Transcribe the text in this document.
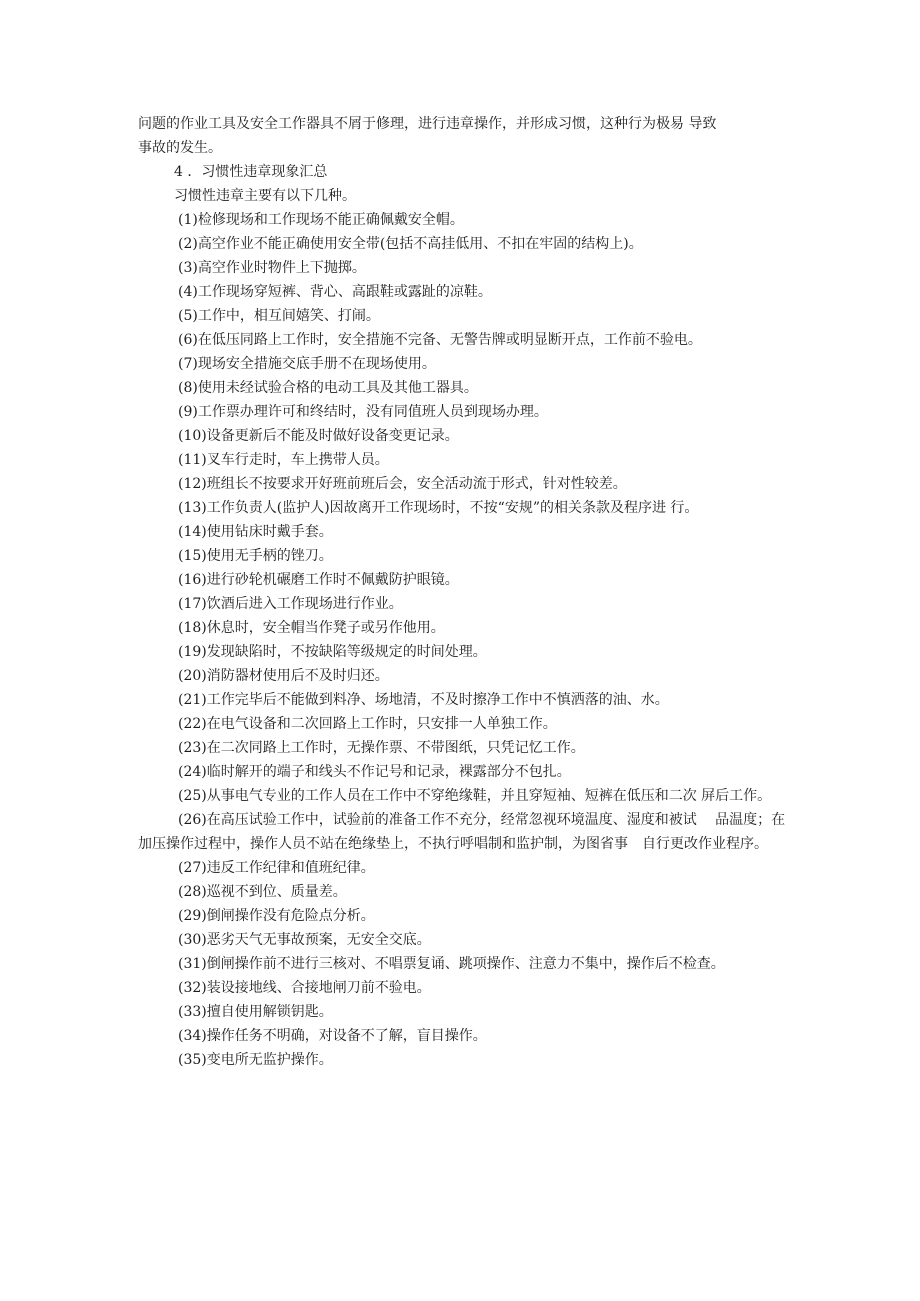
问题的作业工具及安全工作器具不屑于修理，进行违章操作，并形成习惯，这种行为极易 导致

事故的发生。

4 ．习惯性违章现象汇总

习惯性违章主要有以下几种。

(1)检修现场和工作现场不能正确佩戴安全帽。

(2)高空作业不能正确使用安全带(包括不高挂低用、不扣在牢固的结构上)。

(3)高空作业时物件上下抛掷。

(4)工作现场穿短裤、背心、高跟鞋或露趾的凉鞋。

(5)工作中，相互间嬉笑、打闹。

(6)在低压同路上工作时，安全措施不完备、无警告牌或明显断开点，工作前不验电。

(7)现场安全措施交底手册不在现场使用。

(8)使用未经试验合格的电动工具及其他工器具。

(9)工作票办理许可和终结时，没有同值班人员到现场办理。

(10)设备更新后不能及时做好设备变更记录。

(11)叉车行走时，车上携带人员。

(12)班组长不按要求开好班前班后会，安全活动流于形式，针对性较差。

(13)工作负责人(监护人)因故离开工作现场时，不按“安规”的相关条款及程序进 行。

(14)使用钻床时戴手套。

(15)使用无手柄的锉刀。

(16)进行砂轮机碾磨工作时不佩戴防护眼镜。

(17)饮酒后进入工作现场进行作业。

(18)休息时，安全帽当作凳子或另作他用。

(19)发现缺陷时，不按缺陷等级规定的时间处理。

(20)消防器材使用后不及时归还。

(21)工作完毕后不能做到料净、场地清，不及时擦净工作中不慎洒落的油、水。

(22)在电气设备和二次回路上工作时，只安排一人单独工作。

(23)在二次同路上工作时，无操作票、不带图纸，只凭记忆工作。

(24)临时解开的端子和线头不作记号和记录，裸露部分不包扎。

(25)从事电气专业的工作人员在工作中不穿绝缘鞋，并且穿短袖、短裤在低压和二次 屏后工作。

(26)在高压试验工作中，试验前的准备工作不充分，经常忽视环境温度、湿度和被试　 品温度；在加压操作过程中，操作人员不站在绝缘垫上，不执行呼唱制和监护制，为图省事　自行更改作业程序。

(27)违反工作纪律和值班纪律。

(28)巡视不到位、质量差。

(29)倒闸操作没有危险点分析。

(30)恶劣天气无事故预案，无安全交底。

(31)倒闸操作前不进行三核对、不唱票复诵、跳项操作、注意力不集中，操作后不检查。

(32)装设接地线、合接地闸刀前不验电。

(33)擅自使用解锁钥匙。

(34)操作任务不明确，对设备不了解，盲目操作。

(35)变电所无监护操作。
